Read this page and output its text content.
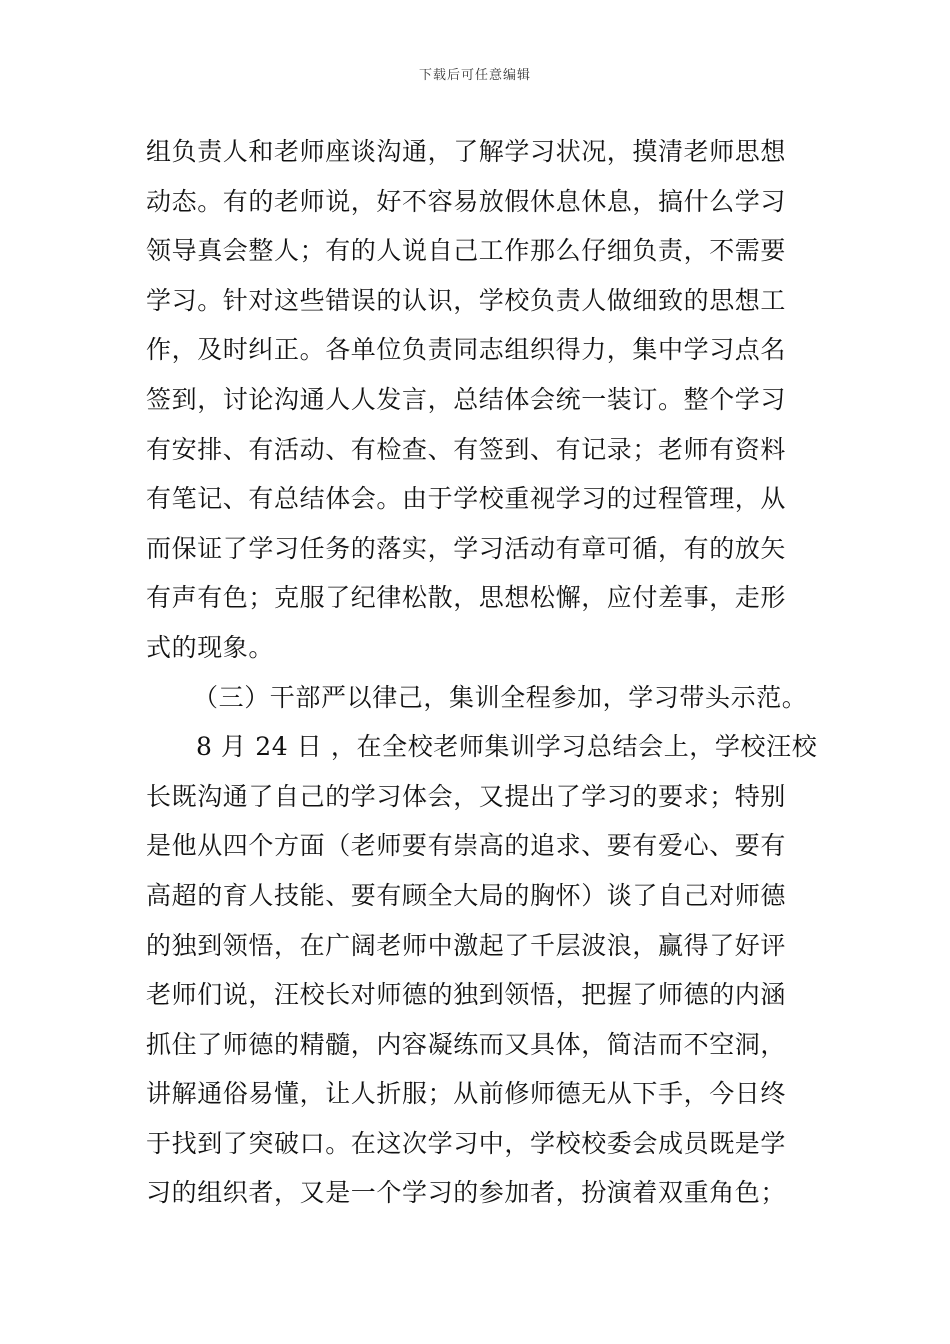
下载后可任意编辑
组负责人和老师座谈沟通，了解学习状况，摸清老师思想
动态。有的老师说，好不容易放假休息休息，搞什么学习
领导真会整人；有的人说自己工作那么仔细负责，不需要
学习。针对这些错误的认识，学校负责人做细致的思想工
作，及时纠正。各单位负责同志组织得力，集中学习点名
签到，讨论沟通人人发言，总结体会统一装订。整个学习
有安排、有活动、有检查、有签到、有记录；老师有资料
有笔记、有总结体会。由于学校重视学习的过程管理，从
而保证了学习任务的落实，学习活动有章可循，有的放矢
有声有色；克服了纪律松散，思想松懈，应付差事，走形
式的现象。
（三）干部严以律己，集训全程参加，学习带头示范。
8 月 24 日 ，在全校老师集训学习总结会上，学校汪校
长既沟通了自己的学习体会，又提出了学习的要求；特别
是他从四个方面（老师要有崇高的追求、要有爱心、要有
高超的育人技能、要有顾全大局的胸怀）谈了自己对师德
的独到领悟，在广阔老师中激起了千层波浪，赢得了好评
老师们说，汪校长对师德的独到领悟，把握了师德的内涵
抓住了师德的精髓，内容凝练而又具体，简洁而不空洞，
讲解通俗易懂，让人折服；从前修师德无从下手，今日终
于找到了突破口。在这次学习中，学校校委会成员既是学
习的组织者，又是一个学习的参加者，扮演着双重角色；
